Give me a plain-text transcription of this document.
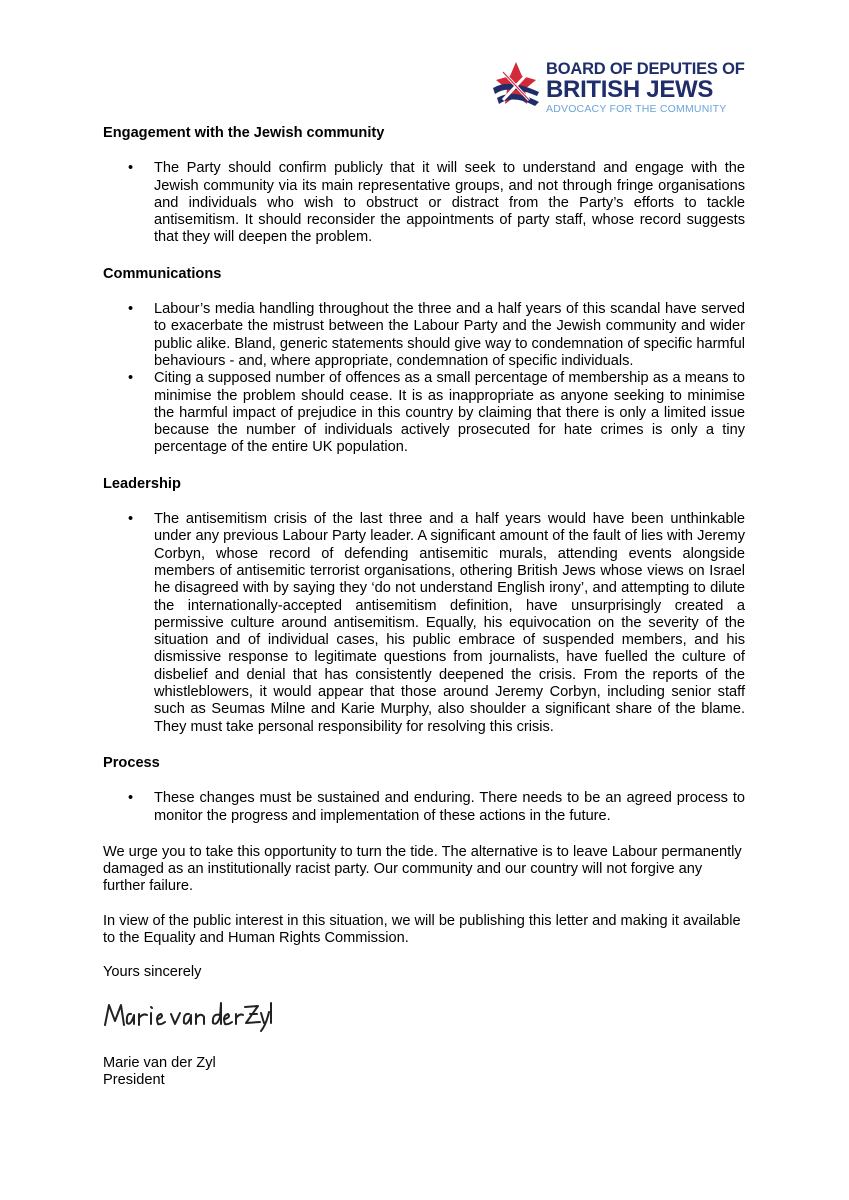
BOARD OF DEPUTIES OF
BRITISH JEWS
ADVOCACY FOR THE COMMUNITY
Engagement with the Jewish community
• The Party should confirm publicly that it will seek to understand and engage with the Jewish community via its main representative groups, and not through fringe organisations and individuals who wish to obstruct or distract from the Party’s efforts to tackle antisemitism. It should reconsider the appointments of party staff, whose record suggests that they will deepen the problem.
Communications
• Labour’s media handling throughout the three and a half years of this scandal have served to exacerbate the mistrust between the Labour Party and the Jewish community and wider public alike. Bland, generic statements should give way to condemnation of specific harmful behaviours - and, where appropriate, condemnation of specific individuals.
• Citing a supposed number of offences as a small percentage of membership as a means to minimise the problem should cease. It is as inappropriate as anyone seeking to minimise the harmful impact of prejudice in this country by claiming that there is only a limited issue because the number of individuals actively prosecuted for hate crimes is only a tiny percentage of the entire UK population.
Leadership
• The antisemitism crisis of the last three and a half years would have been unthinkable under any previous Labour Party leader. A significant amount of the fault of lies with Jeremy Corbyn, whose record of defending antisemitic murals, attending events alongside members of antisemitic terrorist organisations, othering British Jews whose views on Israel he disagreed with by saying they ‘do not understand English irony’, and attempting to dilute the internationally-accepted antisemitism definition, have unsurprisingly created a permissive culture around antisemitism. Equally, his equivocation on the severity of the situation and of individual cases, his public embrace of suspended members, and his dismissive response to legitimate questions from journalists, have fuelled the culture of disbelief and denial that has consistently deepened the crisis. From the reports of the whistleblowers, it would appear that those around Jeremy Corbyn, including senior staff such as Seumas Milne and Karie Murphy, also shoulder a significant share of the blame. They must take personal responsibility for resolving this crisis.
Process
• These changes must be sustained and enduring. There needs to be an agreed process to monitor the progress and implementation of these actions in the future.

We urge you to take this opportunity to turn the tide. The alternative is to leave Labour permanently damaged as an institutionally racist party. Our community and our country will not forgive any further failure.

In view of the public interest in this situation, we will be publishing this letter and making it available to the Equality and Human Rights Commission.

Yours sincerely

Marie van der Zyl

President
